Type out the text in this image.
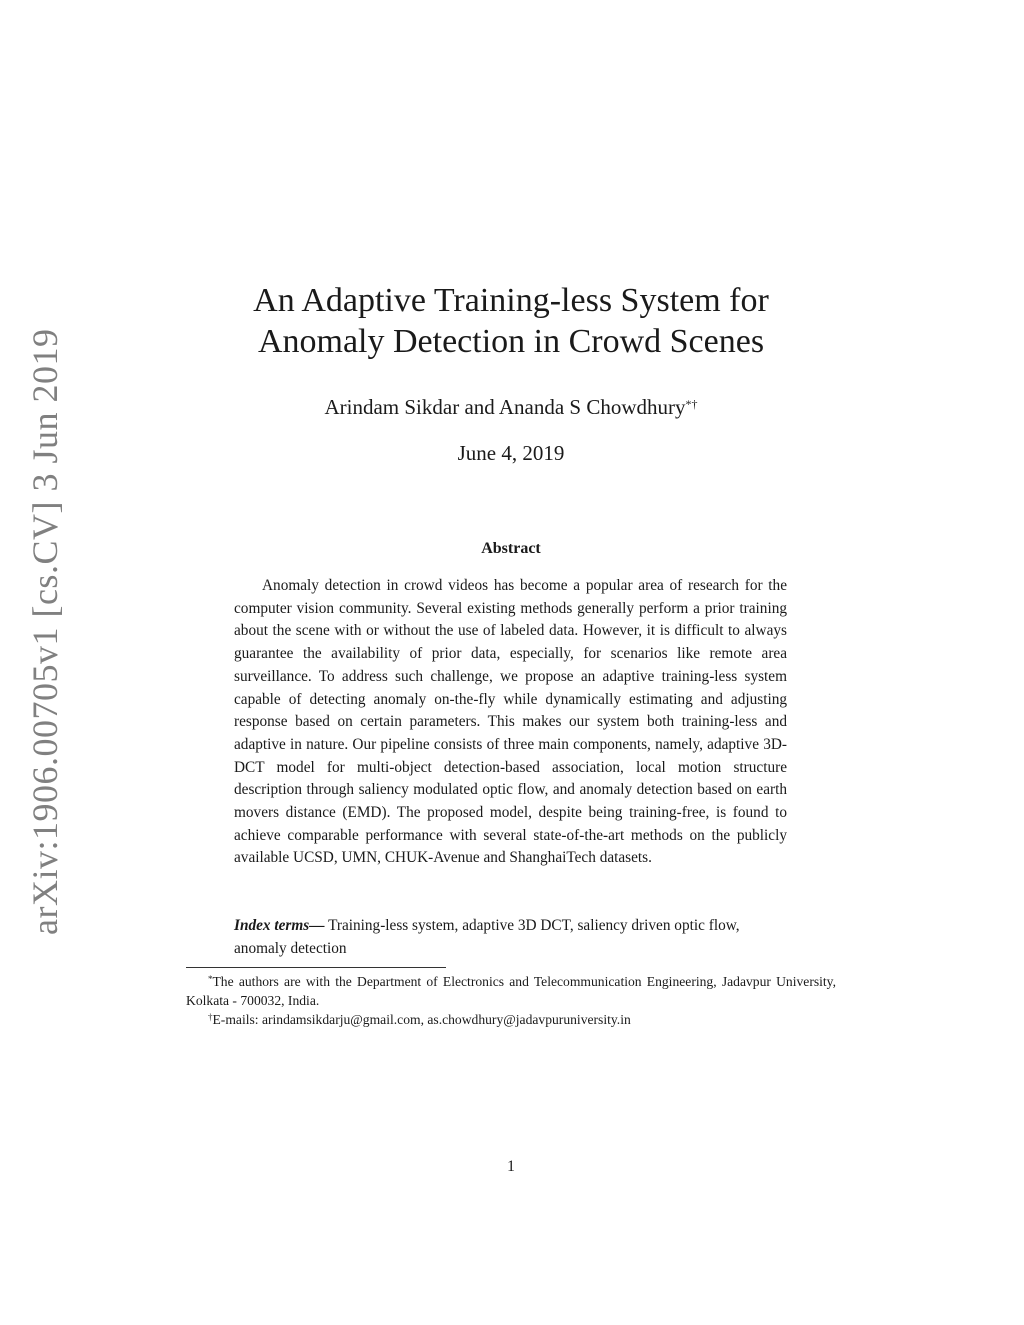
arXiv:1906.00705v1 [cs.CV] 3 Jun 2019
An Adaptive Training-less System for
Anomaly Detection in Crowd Scenes
Arindam Sikdar and Ananda S Chowdhury*†
June 4, 2019
Abstract

Anomaly detection in crowd videos has become a popular area of research for the computer vision community. Several existing methods generally perform a prior training about the scene with or without the use of labeled data. However, it is difficult to always guarantee the availability of prior data, especially, for scenarios like remote area surveillance. To address such challenge, we propose an adaptive training-less system capable of detecting anomaly on-the-fly while dynamically estimating and adjusting response based on certain parameters. This makes our system both training-less and adaptive in nature. Our pipeline consists of three main components, namely, adaptive 3D-DCT model for multi-object detection-based association, local motion structure description through saliency modulated optic flow, and anomaly detection based on earth movers distance (EMD). The proposed model, despite being training-free, is found to achieve comparable performance with several state-of-the-art methods on the publicly available UCSD, UMN, CHUK-Avenue and ShanghaiTech datasets.

Index terms— Training-less system, adaptive 3D DCT, saliency driven optic flow, anomaly detection

*The authors are with the Department of Electronics and Telecommunication Engineering, Jadavpur University, Kolkata - 700032, India.

†E-mails: arindamsikdarju@gmail.com, as.chowdhury@jadavpuruniversity.in

1
